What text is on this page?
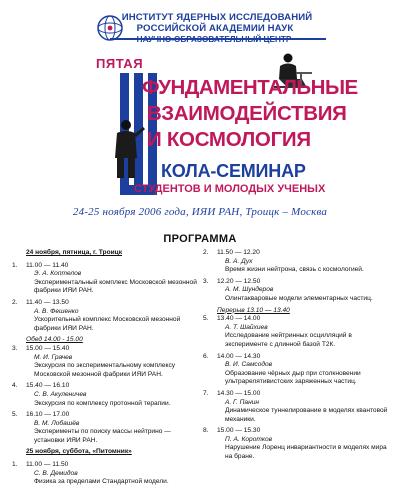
ИНСТИТУТ ЯДЕРНЫХ ИССЛЕДОВАНИЙ
РОССИЙСКОЙ АКАДЕМИИ НАУК
ПЯТАЯ
ФУНДАМЕНТАЛЬНЫЕ
ВЗАИМОДЕЙСТВИЯ
И КОСМОЛОГИЯ
КОЛА-СЕМИНАР
СТУДЕНТОВ И МОЛОДЫХ УЧЕНЫХ
24-25 ноября 2006 года, ИЯИ РАН, Троицк – Москва
ПРОГРАММА
24 ноября, пятница, г. Троицк
1. 11.00 — 11.40
Э. А. Коптелов
Экспериментальный комплекс Московской мезонной фабрики ИЯИ РАН.
2. 11.40 — 13.50
А. В. Фешенко
Ускорительный комплекс Московской мезонной фабрики ИЯИ РАН.
Обед 14.00 - 15.00
3. 15.00 — 15.40
М. И. Грачев
Экскурсия по экспериментальному комплексу Московской мезонной фабрики ИЯИ РАН.
4. 15.40 — 16.10
С. В. Акуленичев
Экскурсия по комплексу протонной терапии.
5. 16.10 — 17.00
В. М. Лобашёв
Эксперименты по поиску массы нейтрино — установки ИЯИ РАН.
25 ноября, суббота, «Питомник»
1. 11.00 — 11.50
С. В. Демидов
Физика за пределами Стандартной модели.
2. 11.50 — 12.20
В. А. Дух
Время жизни нейтрона, связь с космологией.
3. 12.20 — 12.50
А. М. Шундеров
Олинтакваровые модели элементарных частиц.
Перерыв 13.10 — 13.40
5. 13.40 — 14.00
А. Т. Шайхиев
Исследование нейтринных осцилляций в эксперименте с длинной базой Т2К.
6. 14.00 — 14.30
В. И. Самсодов
Образование чёрных дыр при столкновении ультрарелятивистских заряженных частиц.
7. 14.30 — 15.00
А. Г. Панин
Динамическое туннелирование в моделях квантовой механики.
8. 15.00 — 15.30
П. А. Коротков
Нарушение Лоренц инвариантности в моделях мира на бране.
